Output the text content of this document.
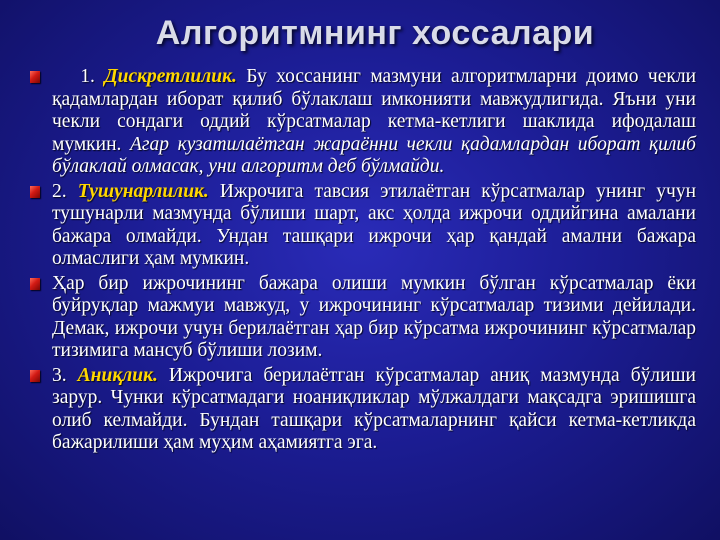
Алгоритмнинг хоссалари
1. Дискретлилик. Бу хоссанинг мазмуни алгоритмларни доимо чекли қадамлардан иборат қилиб бўлаклаш имконияти мавжудлигида. Яъни уни чекли сондаги оддий кўрсатмалар кетма-кетлиги шаклида ифодалаш мумкин. Агар кузатилаётган жараённи чекли қадамлардан иборат қилиб бўлаклай олмасак, уни алгоритм деб бўлмайди.
2. Тушунарлилик. Ижрочига тавсия этилаётган кўрсатмалар унинг учун тушунарли мазмунда бўлиши шарт, акс ҳолда ижрочи оддийгина амалани бажара олмайди. Ундан ташқари ижрочи ҳар қандай амални бажара олмаслиги ҳам мумкин.
Ҳар бир ижрочининг бажара олиши мумкин бўлган кўрсатмалар ёки буйруқлар мажмуи мавжуд, у ижрочининг кўрсатмалар тизими дейилади. Демак, ижрочи учун берилаётган ҳар бир кўрсатма ижрочининг кўрсатмалар тизимига мансуб бўлиши лозим.
3. Аниқлик. Ижрочига берилаётган кўрсатмалар аниқ мазмунда бўлиши зарур. Чунки кўрсатмадаги ноаниқликлар мўлжалдаги мақсадга эришишга олиб келмайди. Бундан ташқари кўрсатмаларнинг қайси кетма-кетликда бажарилиши ҳам муҳим аҳамиятга эга.
